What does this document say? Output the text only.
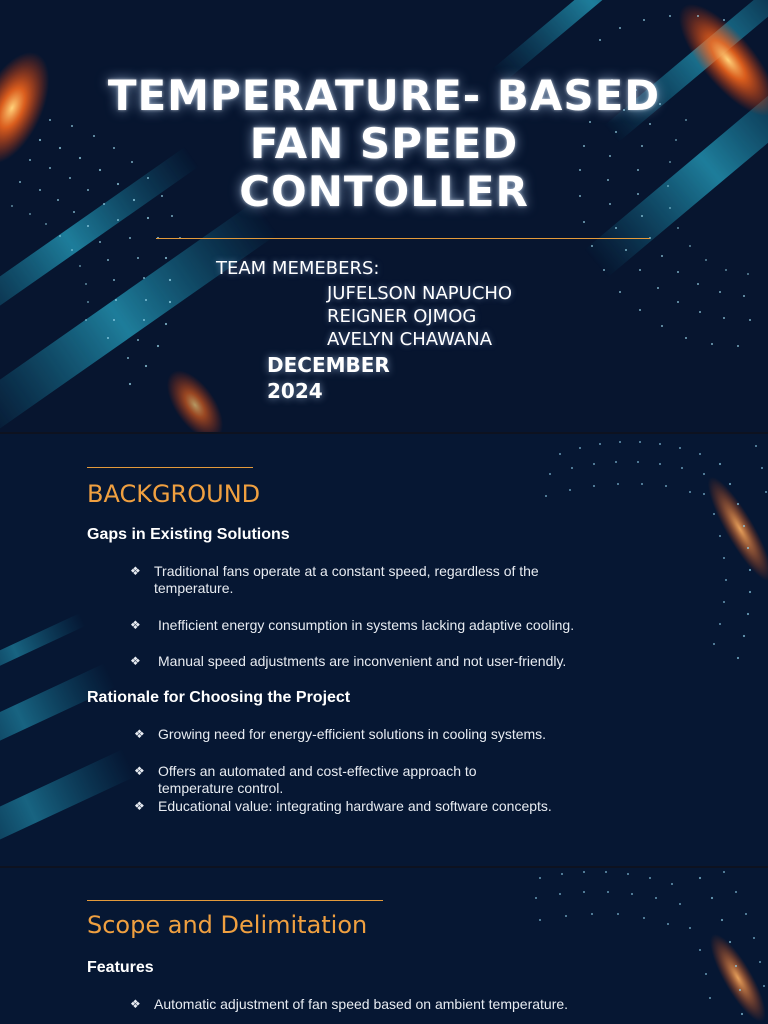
TEMPERATURE- BASED
FAN SPEED
CONTOLLER
TEAM MEMEBERS:
JUFELSON NAPUCHO
REIGNER OJMOG
AVELYN CHAWANA
DECEMBER
2024
BACKGROUND
Gaps in Existing Solutions
❖ Traditional fans operate at a constant speed, regardless of the temperature.
❖	Inefficient energy consumption in systems lacking adaptive cooling.
❖	Manual speed adjustments are inconvenient and not user-friendly.
Rationale for Choosing the Project
❖ Growing need for energy-efficient solutions in cooling systems.
❖ Offers an automated and cost-effective approach to temperature control.
❖ Educational value: integrating hardware and software concepts.
Scope and Delimitation
Features
❖ Automatic adjustment of fan speed based on ambient temperature.
